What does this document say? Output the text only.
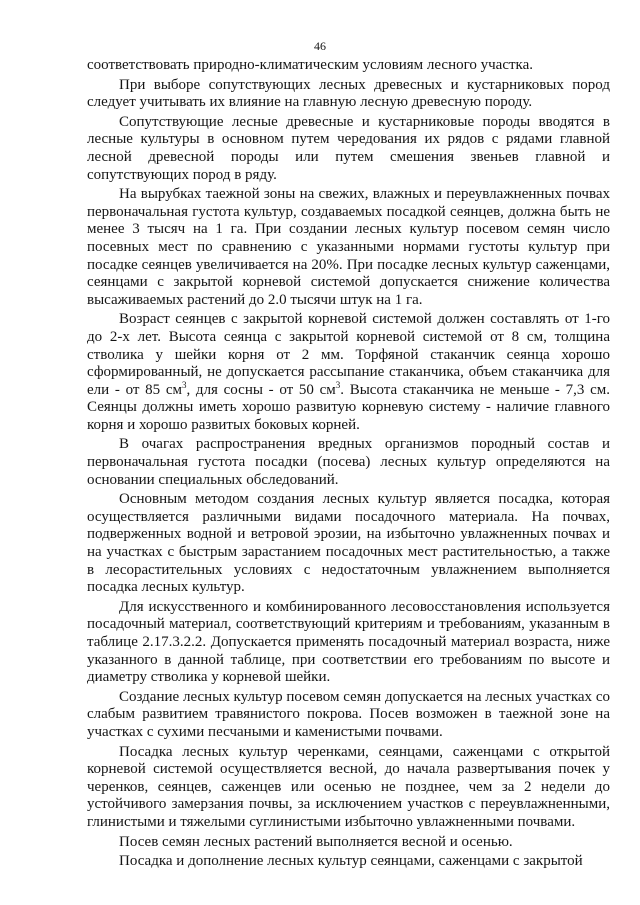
46

соответствовать природно-климатическим условиям лесного участка.

При выборе сопутствующих лесных древесных и кустарниковых пород следует учитывать их влияние на главную лесную древесную породу.

Сопутствующие лесные древесные и кустарниковые породы вводятся в лесные культуры в основном путем чередования их рядов с рядами главной лесной древесной породы или путем смешения звеньев главной и сопутствующих пород в ряду.

На вырубках таежной зоны на свежих, влажных и переувлажненных почвах первоначальная густота культур, создаваемых посадкой сеянцев, должна быть не менее 3 тысяч на 1 га. При создании лесных культур посевом семян число посевных мест по сравнению с указанными нормами густоты культур при посадке сеянцев увеличивается на 20%. При посадке лесных культур саженцами, сеянцами с закрытой корневой системой допускается снижение количества высаживаемых растений до 2.0 тысячи штук на 1 га.

Возраст сеянцев с закрытой корневой системой должен составлять от 1-го до 2-х лет. Высота сеянца с закрытой корневой системой от 8 см, толщина стволика у шейки корня от 2 мм. Торфяной стаканчик сеянца хорошо сформированный, не допускается рассыпание стаканчика, объем стаканчика для ели - от 85 $см^3$, для сосны - от 50 $см^3$. Высота стаканчика не меньше - 7,3 см. Сеянцы должны иметь хорошо развитую корневую систему - наличие главного корня и хорошо развитых боковых корней.

В очагах распространения вредных организмов породный состав и первоначальная густота посадки (посева) лесных культур определяются на основании специальных обследований.

Основным методом создания лесных культур является посадка, которая осуществляется различными видами посадочного материала. На почвах, подверженных водной и ветровой эрозии, на избыточно увлажненных почвах и на участках с быстрым зарастанием посадочных мест растительностью, а также в лесорастительных условиях с недостаточным увлажнением выполняется посадка лесных культур.

Для искусственного и комбинированного лесовосстановления используется посадочный материал, соответствующий критериям и требованиям, указанным в таблице 2.17.3.2.2. Допускается применять посадочный материал возраста, ниже указанного в данной таблице, при соответствии его требованиям по высоте и диаметру стволика у корневой шейки.

Создание лесных культур посевом семян допускается на лесных участках со слабым развитием травянистого покрова. Посев возможен в таежной зоне на участках с сухими песчаными и каменистыми почвами.

Посадка лесных культур черенками, сеянцами, саженцами с открытой корневой системой осуществляется весной, до начала развертывания почек у черенков, сеянцев, саженцев или осенью не позднее, чем за 2 недели до устойчивого замерзания почвы, за исключением участков с переувлажненными, глинистыми и тяжелыми суглинистыми избыточно увлажненными почвами.

Посев семян лесных растений выполняется весной и осенью.

Посадка и дополнение лесных культур сеянцами, саженцами с закрытой
